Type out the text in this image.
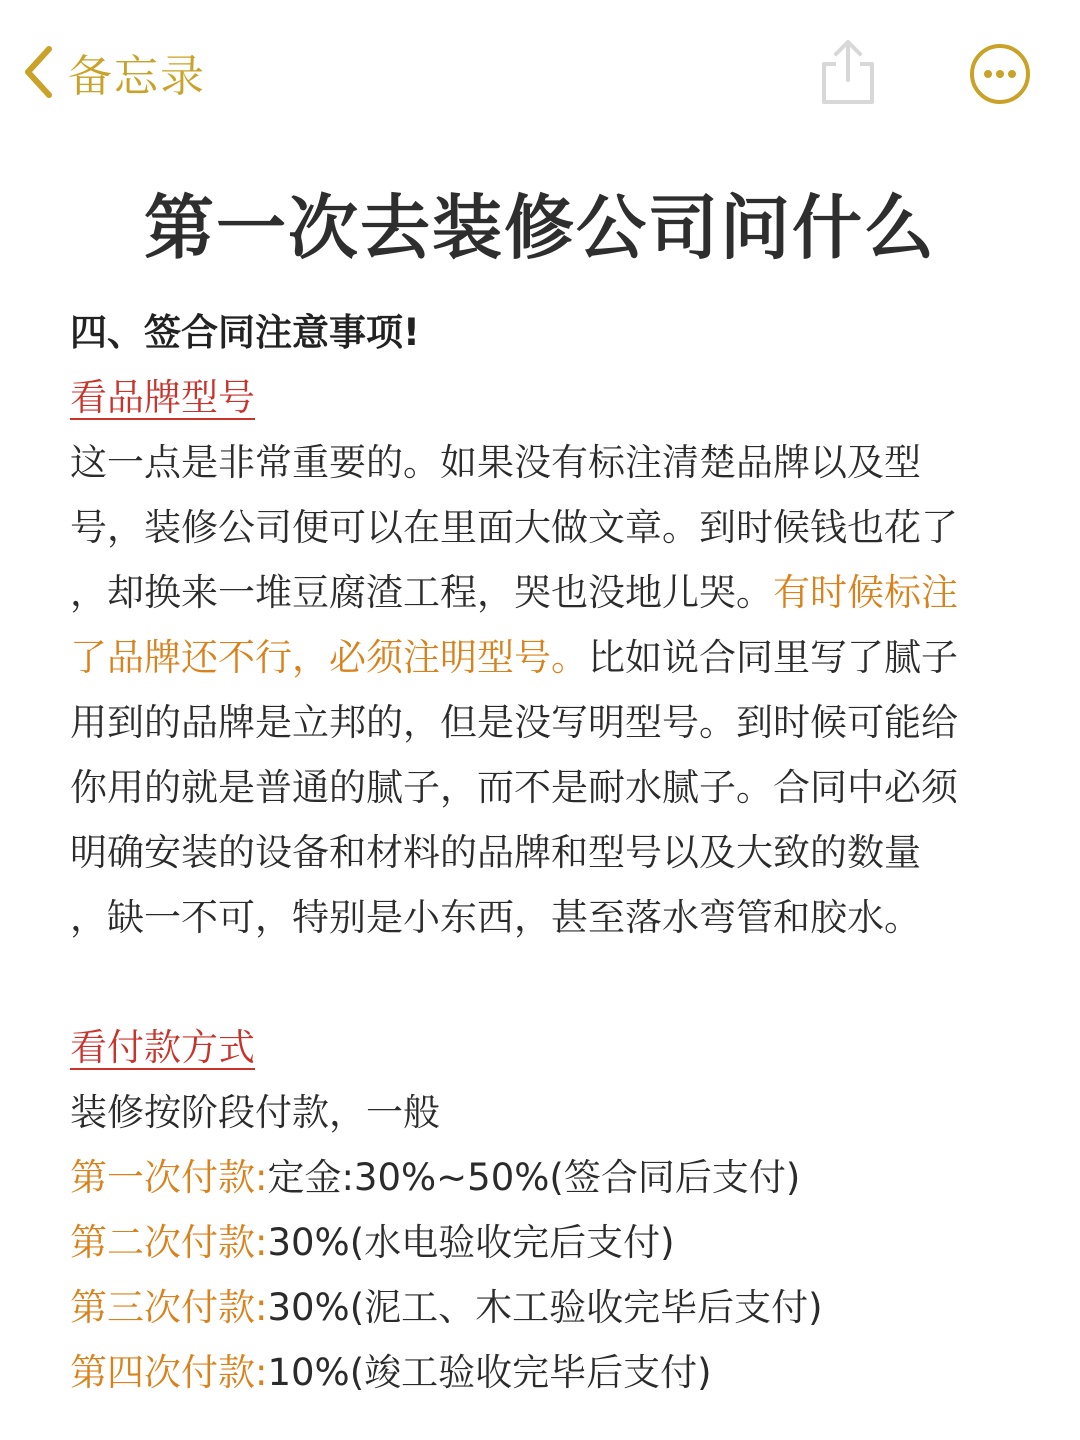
备忘录
第一次去装修公司问什么

四、签合同注意事项!

看品牌型号

这一点是非常重要的。如果没有标注清楚品牌以及型

号，装修公司便可以在里面大做文章。到时候钱也花了

，却换来一堆豆腐渣工程，哭也没地儿哭。有时候标注

了品牌还不行，必须注明型号。比如说合同里写了腻子

用到的品牌是立邦的，但是没写明型号。到时候可能给

你用的就是普通的腻子，而不是耐水腻子。合同中必须

明确安装的设备和材料的品牌和型号以及大致的数量

，缺一不可，特别是小东西，甚至落水弯管和胶水。

看付款方式

装修按阶段付款，一般

第一次付款:定金:30%~50%(签合同后支付)

第二次付款:30%(水电验收完后支付)

第三次付款:30%(泥工、木工验收完毕后支付)

第四次付款:10%(竣工验收完毕后支付)
